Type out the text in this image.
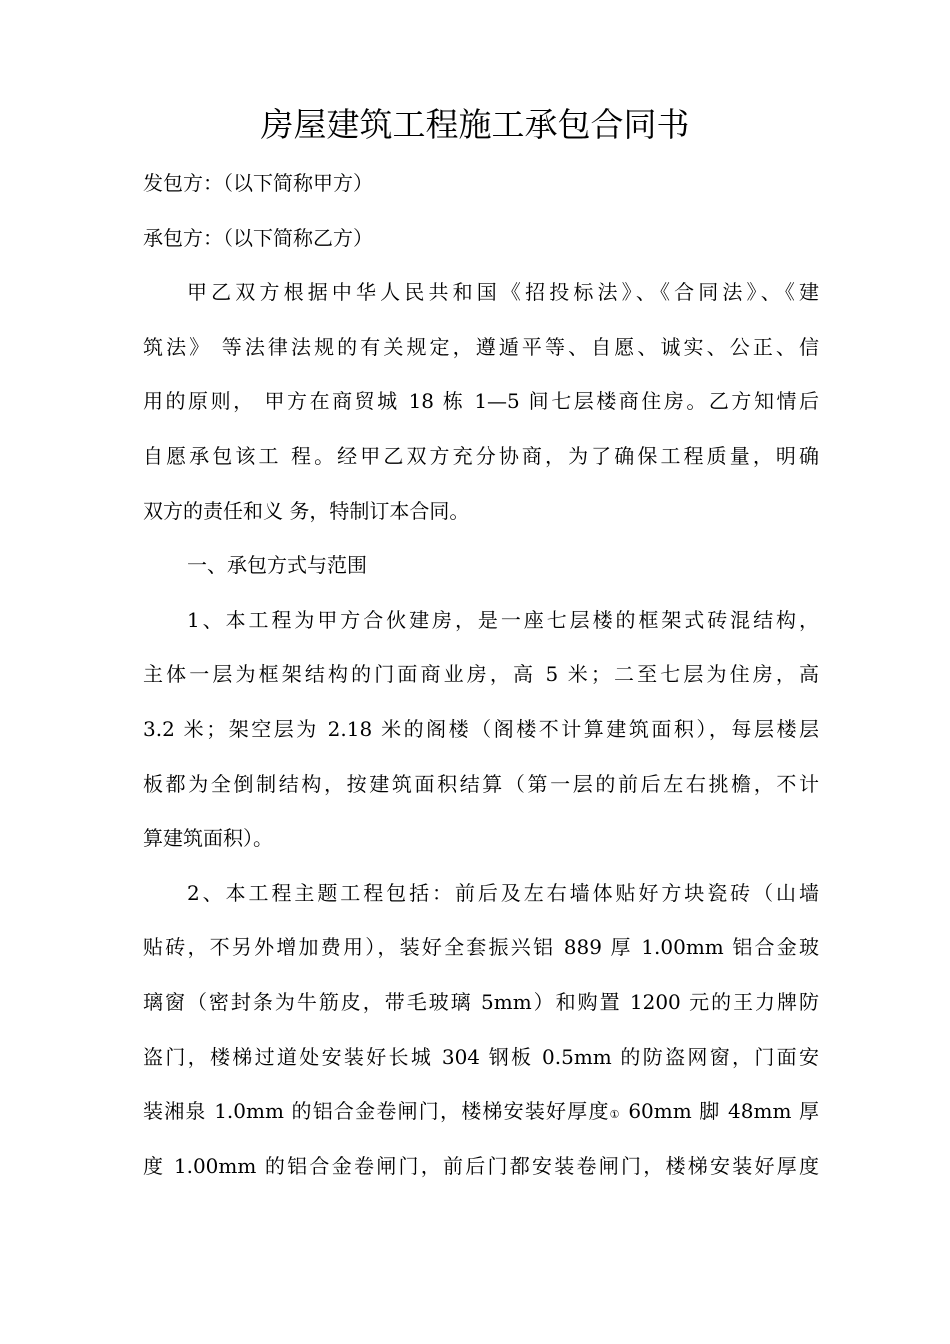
房屋建筑工程施工承包合同书
发包方：（以下简称甲方）
承包方：（以下简称乙方）
甲乙双方根据中华人民共和国《招投标法》、《合同法》、《建
筑法》 等法律法规的有关规定，遵遁平等、自愿、诚实、公正、信
用的原则， 甲方在商贸城 18 栋 1—5 间七层楼商住房。乙方知情后
自愿承包该工 程。经甲乙双方充分协商，为了确保工程质量，明确
双方的责任和义 务，特制订本合同。
一、承包方式与范围
1、本工程为甲方合伙建房，是一座七层楼的框架式砖混结构，
主体一层为框架结构的门面商业房，高 5 米；二至七层为住房，高
3.2 米；架空层为 2.18 米的阁楼（阁楼不计算建筑面积），每层楼层
板都为全倒制结构，按建筑面积结算（第一层的前后左右挑檐，不计
算建筑面积）。
2、本工程主题工程包括：前后及左右墙体贴好方块瓷砖（山墙
贴砖，不另外增加费用），装好全套振兴铝 889 厚 1.00mm 铝合金玻
璃窗（密封条为牛筋皮，带毛玻璃 5mm）和购置 1200 元的王力牌防
盗门，楼梯过道处安装好长城 304 钢板 0.5mm 的防盗网窗，门面安
装湘泉 1.0mm 的铝合金卷闸门，楼梯安装好厚度① 60mm 脚 48mm 厚
度 1.00mm 的铝合金卷闸门，前后门都安装卷闸门，楼梯安装好厚度
